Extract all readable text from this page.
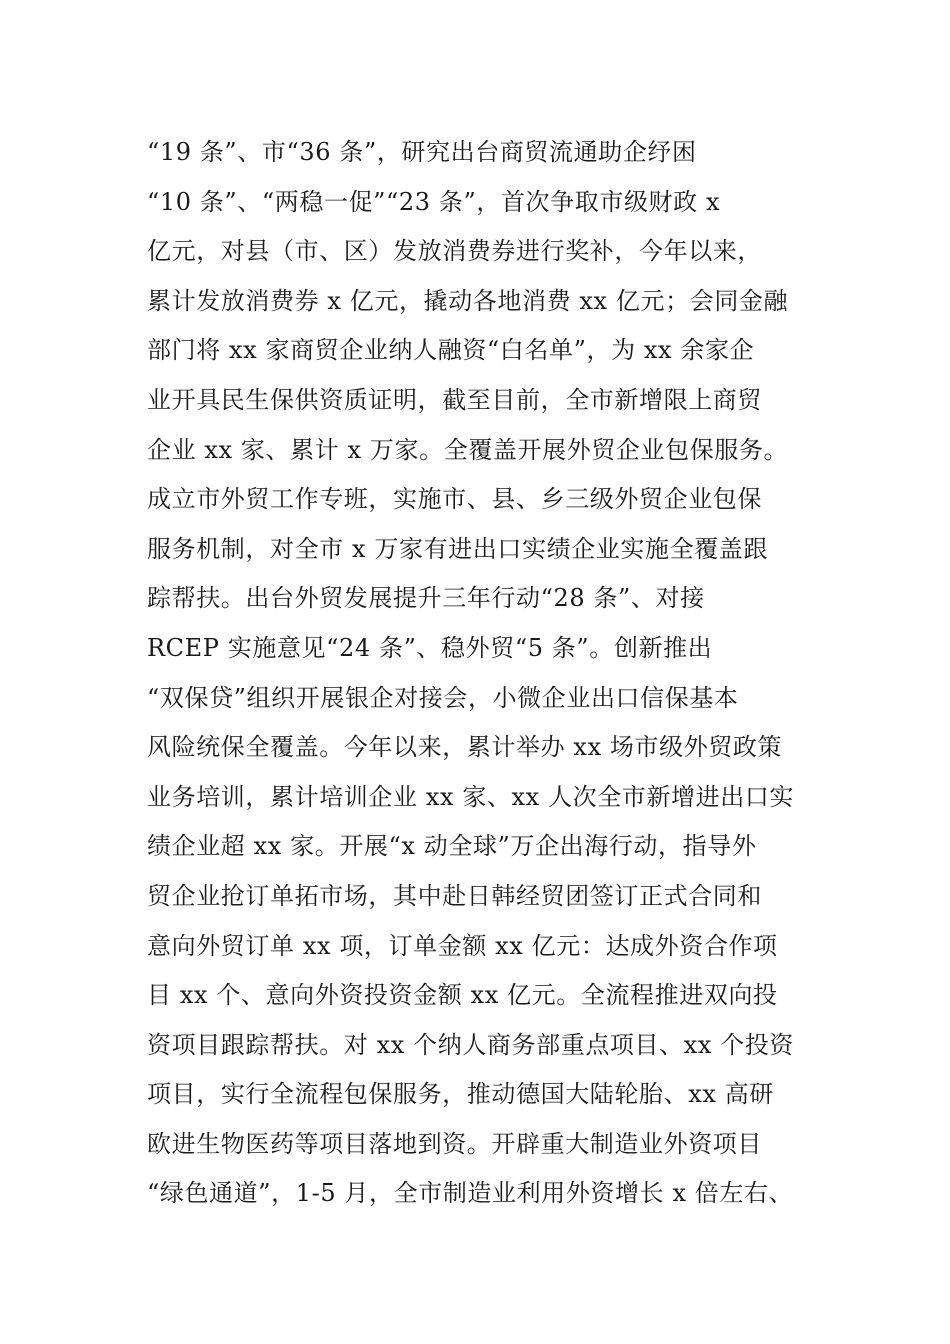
“19 条”、市“36 条”，研究出台商贸流通助企纾困
“10 条”、“两稳一促”“23 条”，首次争取市级财政 x
亿元，对县（市、区）发放消费券进行奖补，今年以来，
累计发放消费券 x 亿元，撬动各地消费 xx 亿元；会同金融
部门将 xx 家商贸企业纳人融资“白名单”，为 xx 余家企
业开具民生保供资质证明，截至目前，全市新增限上商贸
企业 xx 家、累计 x 万家。全覆盖开展外贸企业包保服务。
成立市外贸工作专班，实施市、县、乡三级外贸企业包保
服务机制，对全市 x 万家有进出口实绩企业实施全覆盖跟
踪帮扶。出台外贸发展提升三年行动“28 条”、对接
RCEP 实施意见“24 条”、稳外贸“5 条”。创新推出
“双保贷”组织开展银企对接会，小微企业出口信保基本
风险统保全覆盖。今年以来，累计举办 xx 场市级外贸政策
业务培训，累计培训企业 xx 家、xx 人次全市新增进出口实
绩企业超 xx 家。开展“x 动全球”万企出海行动，指导外
贸企业抢订单拓市场，其中赴日韩经贸团签订正式合同和
意向外贸订单 xx 项，订单金额 xx 亿元：达成外资合作项
目 xx 个、意向外资投资金额 xx 亿元。全流程推进双向投
资项目跟踪帮扶。对 xx 个纳人商务部重点项目、xx 个投资
项目，实行全流程包保服务，推动德国大陆轮胎、xx 高研
欧进生物医药等项目落地到资。开辟重大制造业外资项目
“绿色通道”，1-5 月，全市制造业利用外资增长 x 倍左右、
